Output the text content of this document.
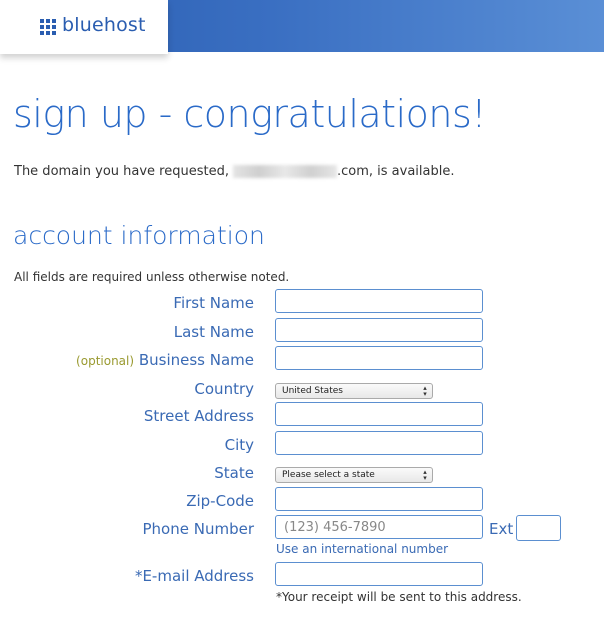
bluehost
sign up - congratulations!
The domain you have requested,	.com, is available.
account information
All fields are required unless otherwise noted.
First Name
Last Name
(optional) Business Name
Country	United States	▴
▾
Street Address
City
State	Please select a state	▴
▾
Zip-Code
Phone Number	(123) 456-7890	Ext
Use an international number
*E-mail Address
*Your receipt will be sent to this address.
